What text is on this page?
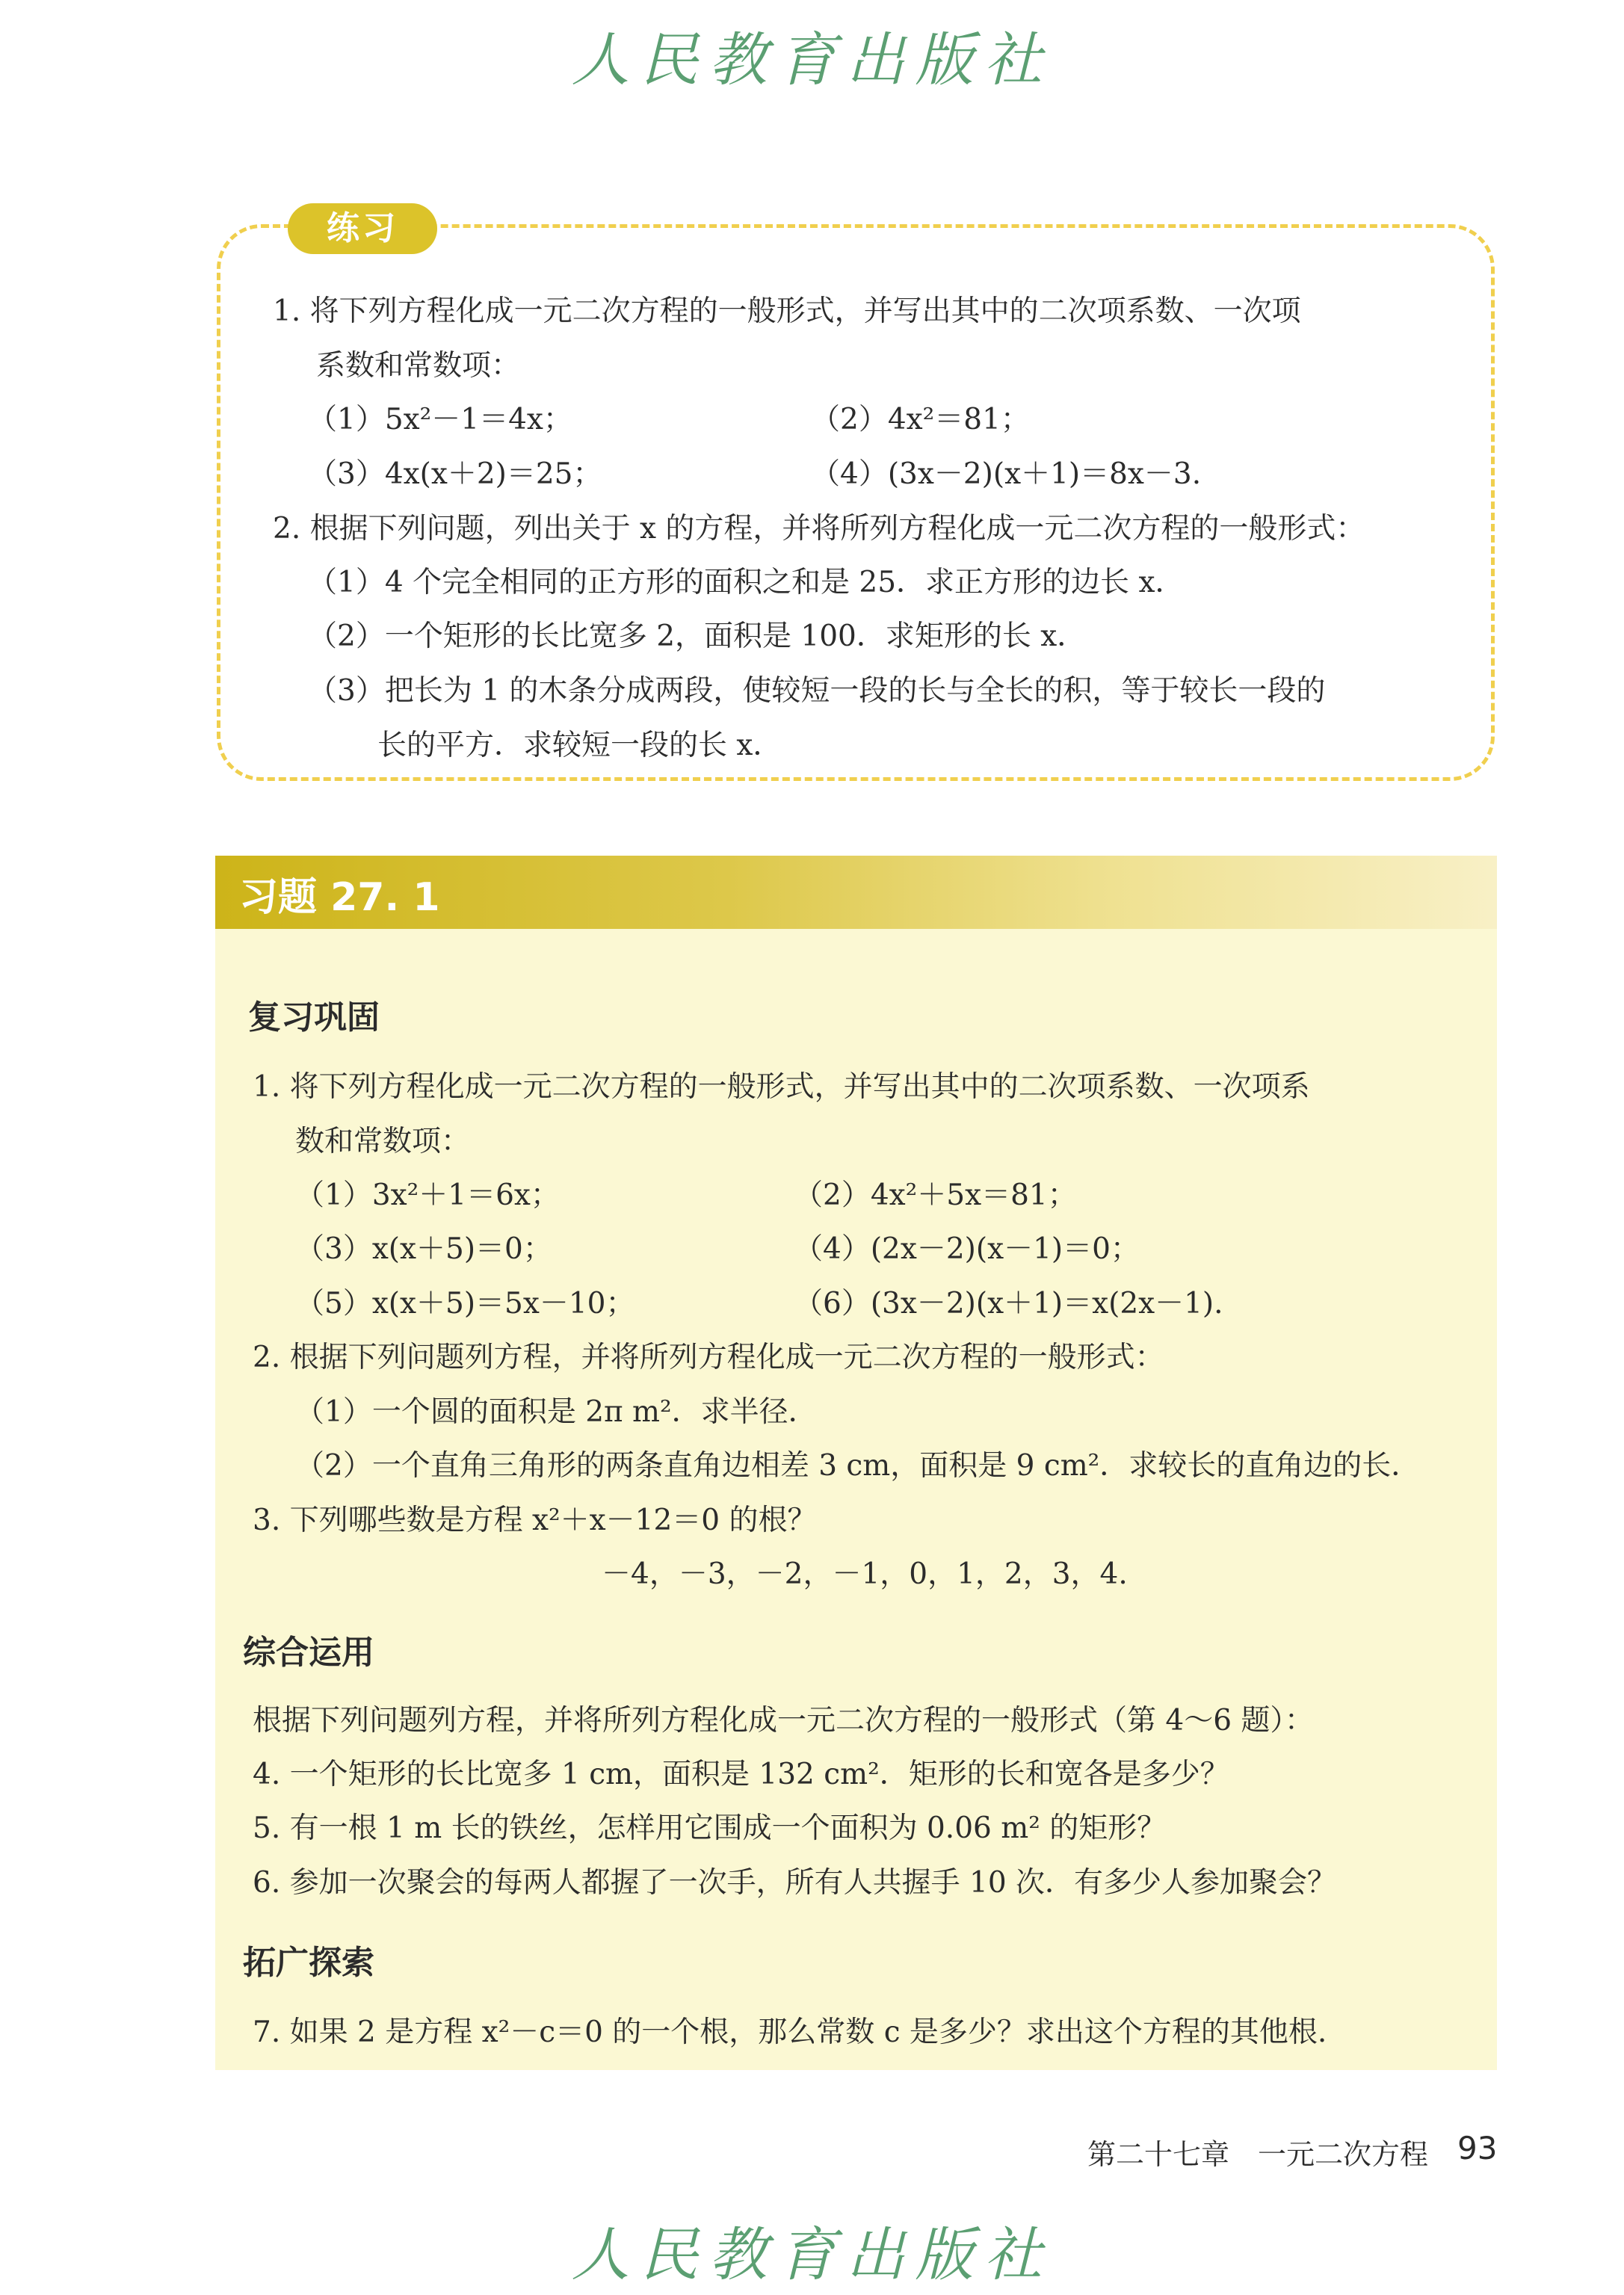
人民教育出版社
练习
1. 将下列方程化成一元二次方程的一般形式，并写出其中的二次项系数、一次项
系数和常数项：
（1）5x²－1＝4x；	（2）4x²＝81；
（3）4x(x＋2)＝25；	（4）(3x－2)(x＋1)＝8x－3.
2. 根据下列问题，列出关于 x 的方程，并将所列方程化成一元二次方程的一般形式：
（1）4 个完全相同的正方形的面积之和是 25．求正方形的边长 x．
（2）一个矩形的长比宽多 2，面积是 100．求矩形的长 x．
（3）把长为 1 的木条分成两段，使较短一段的长与全长的积，等于较长一段的
长的平方．求较短一段的长 x．
习题 27. 1
复习巩固
1. 将下列方程化成一元二次方程的一般形式，并写出其中的二次项系数、一次项系
数和常数项：
（1）3x²＋1＝6x；	（2）4x²＋5x＝81；
（3）x(x＋5)＝0；	（4）(2x－2)(x－1)＝0；
（5）x(x＋5)＝5x－10；	（6）(3x－2)(x＋1)＝x(2x－1).
2. 根据下列问题列方程，并将所列方程化成一元二次方程的一般形式：
（1）一个圆的面积是 2π m²．求半径．
（2）一个直角三角形的两条直角边相差 3 cm，面积是 9 cm²．求较长的直角边的长．
3. 下列哪些数是方程 x²＋x－12＝0 的根？
－4，－3，－2，－1，0，1，2，3，4.
综合运用
根据下列问题列方程，并将所列方程化成一元二次方程的一般形式（第 4～6 题）：
4. 一个矩形的长比宽多 1 cm，面积是 132 cm²．矩形的长和宽各是多少？
5. 有一根 1 m 长的铁丝，怎样用它围成一个面积为 0.06 m² 的矩形？
6. 参加一次聚会的每两人都握了一次手，所有人共握手 10 次．有多少人参加聚会？
拓广探索
7. 如果 2 是方程 x²－c＝0 的一个根，那么常数 c 是多少？求出这个方程的其他根.
第二十七章　一元二次方程 93
人民教育出版社
